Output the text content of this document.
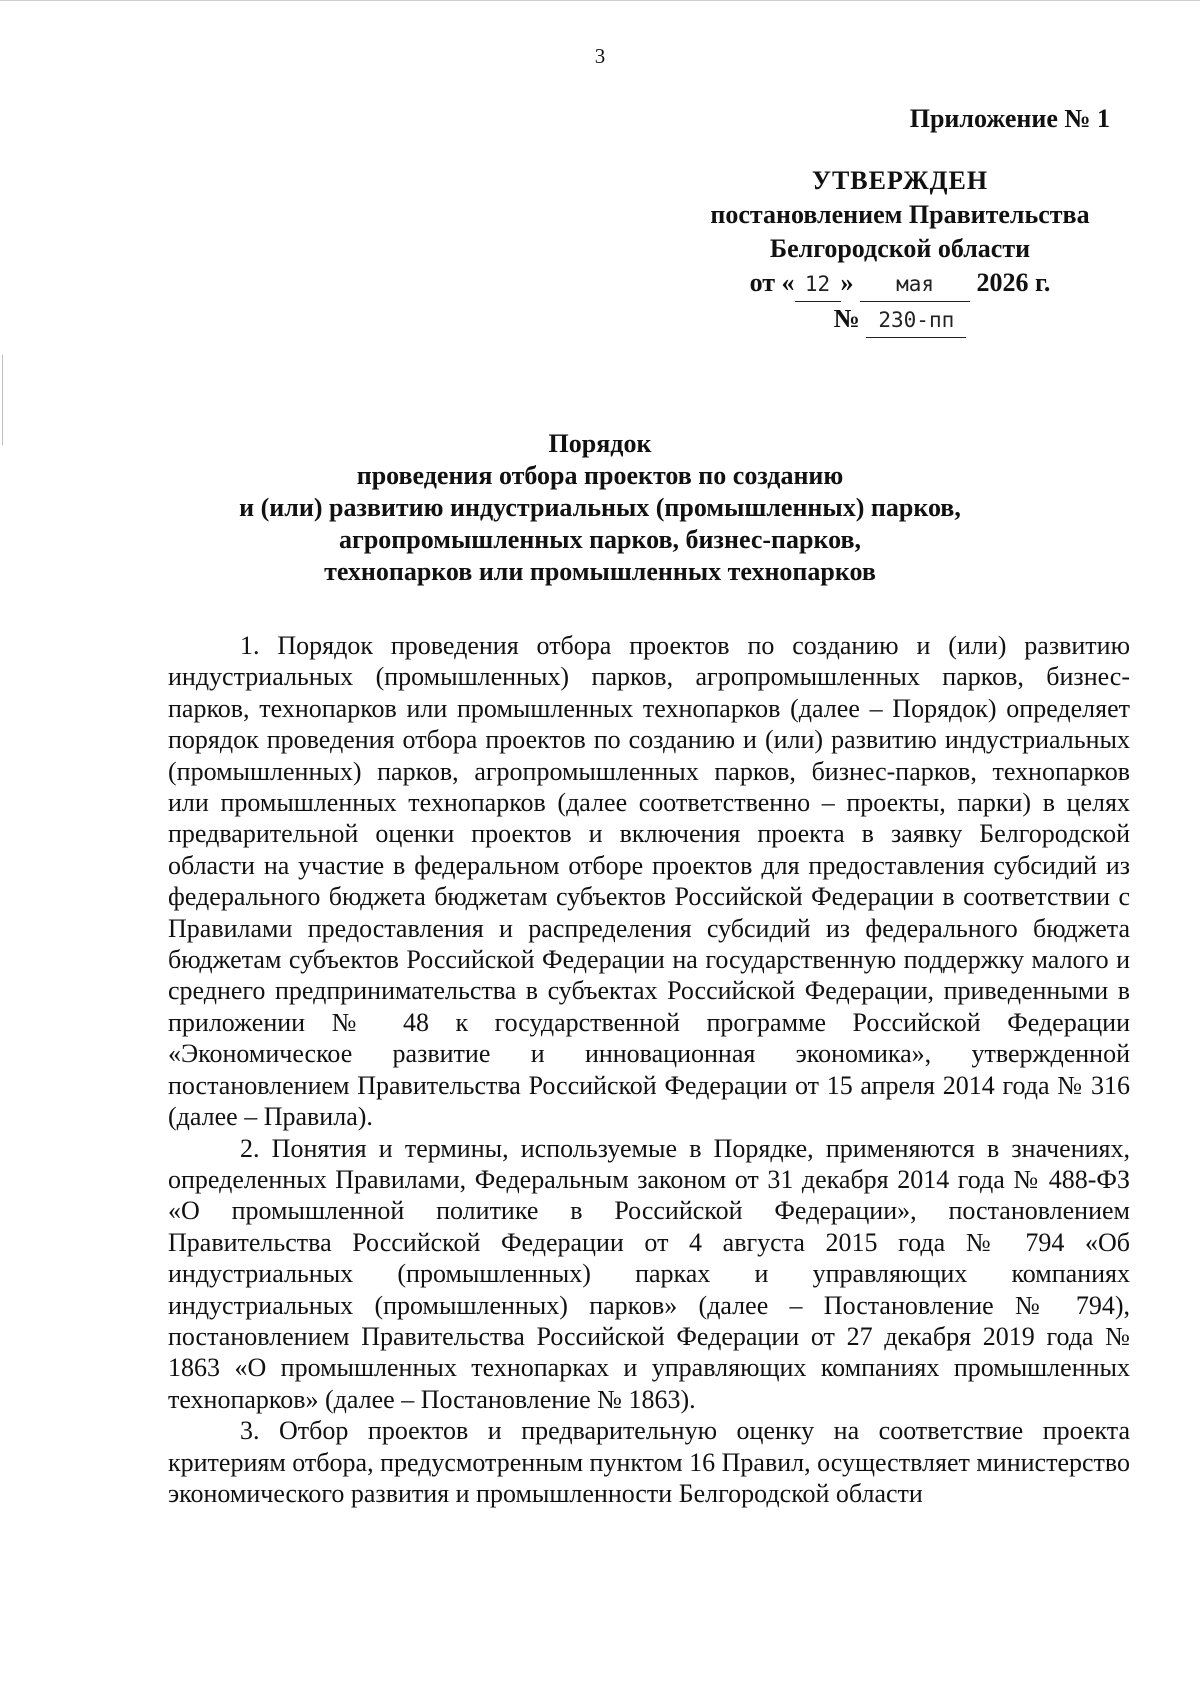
3
Приложение № 1
УТВЕРЖДЕН
постановлением Правительства
Белгородской области
от « 12 » мая 2026 г.
№ 230-пп
Порядок
проведения отбора проектов по созданию
и (или) развитию индустриальных (промышленных) парков,
агропромышленных парков, бизнес-парков,
технопарков или промышленных технопарков

1. Порядок проведения отбора проектов по созданию и (или) развитию индустриальных (промышленных) парков, агропромышленных парков, бизнес-парков, технопарков или промышленных технопарков (далее – Порядок) определяет порядок проведения отбора проектов по созданию и (или) развитию индустриальных (промышленных) парков, агропромышленных парков, бизнес-парков, технопарков или промышленных технопарков (далее соответственно – проекты, парки) в целях предварительной оценки проектов и включения проекта в заявку Белгородской области на участие в федеральном отборе проектов для предоставления субсидий из федерального бюджета бюджетам субъектов Российской Федерации в соответствии с Правилами предоставления и распределения субсидий из федерального бюджета бюджетам субъектов Российской Федерации на государственную поддержку малого и среднего предпринимательства в субъектах Российской Федерации, приведенными в приложении № 48 к государственной программе Российской Федерации «Экономическое развитие и инновационная экономика», утвержденной постановлением Правительства Российской Федерации от 15 апреля 2014 года № 316 (далее – Правила).

2. Понятия и термины, используемые в Порядке, применяются в значениях, определенных Правилами, Федеральным законом от 31 декабря 2014 года № 488-ФЗ «О промышленной политике в Российской Федерации», постановлением Правительства Российской Федерации от 4 августа 2015 года № 794 «Об индустриальных (промышленных) парках и управляющих компаниях индустриальных (промышленных) парков» (далее – Постановление № 794), постановлением Правительства Российской Федерации от 27 декабря 2019 года № 1863 «О промышленных технопарках и управляющих компаниях промышленных технопарков» (далее – Постановление № 1863).

3. Отбор проектов и предварительную оценку на соответствие проекта критериям отбора, предусмотренным пунктом 16 Правил, осуществляет министерство экономического развития и промышленности Белгородской области
